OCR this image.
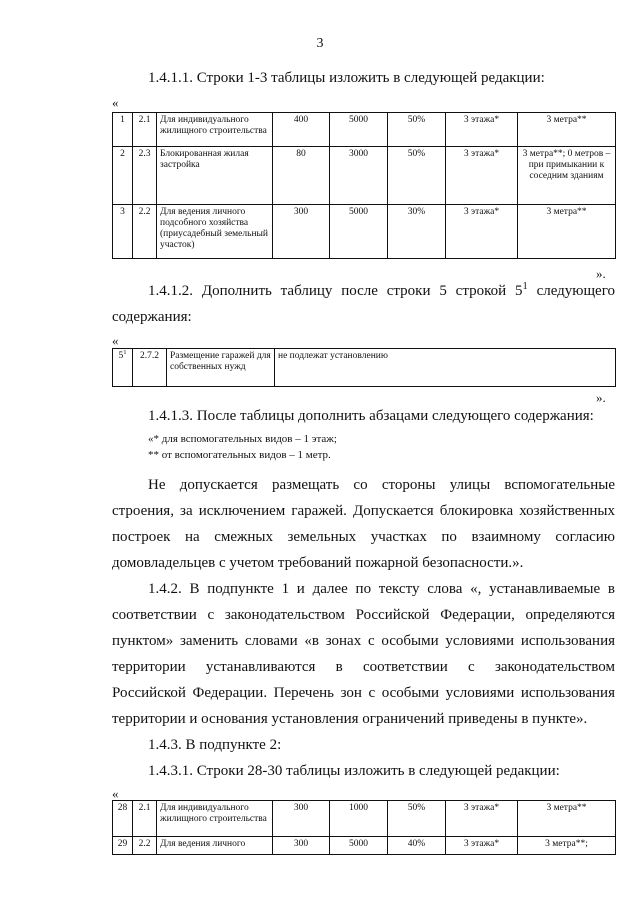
3
1.4.1.1. Строки 1-3 таблицы изложить в следующей редакции:
«
1	2.1	Для индивидуального жилищного строительства	400	5000	50%	3 этажа*	3 метра**
2	2.3	Блокированная жилая застройка	80	3000	50%	3 этажа*	3 метра**; 0 метров – при примыкании к соседним зданиям
3	2.2	Для ведения личного подсобного хозяйства (приусадебный земельный участок)	300	5000	30%	3 этажа*	3 метра**
».
1.4.1.2. Дополнить таблицу после строки 5 строкой $5^1$ следующего
содержания:
«
$5^1$	2.7.2	Размещение гаражей для собственных нужд	не подлежат установлению
».
1.4.1.3. После таблицы дополнить абзацами следующего содержания:
«* для вспомогательных видов – 1 этаж;
** от вспомогательных видов – 1 метр.
Не допускается размещать со стороны улицы вспомогательные
строения, за исключением гаражей. Допускается блокировка хозяйственных
построек на смежных земельных участках по взаимному согласию
домовладельцев с учетом требований пожарной безопасности.».
1.4.2. В подпункте 1 и далее по тексту слова «, устанавливаемые в
соответствии с законодательством Российской Федерации, определяются
пунктом» заменить словами «в зонах с особыми условиями использования
территории устанавливаются в соответствии с законодательством
Российской Федерации. Перечень зон с особыми условиями использования
территории и основания установления ограничений приведены в пункте».
1.4.3. В подпункте 2:
1.4.3.1. Строки 28-30 таблицы изложить в следующей редакции:
«
28	2.1	Для индивидуального жилищного строительства	300	1000	50%	3 этажа*	3 метра**
29	2.2	Для ведения личного	300	5000	40%	3 этажа*	3 метра**;
